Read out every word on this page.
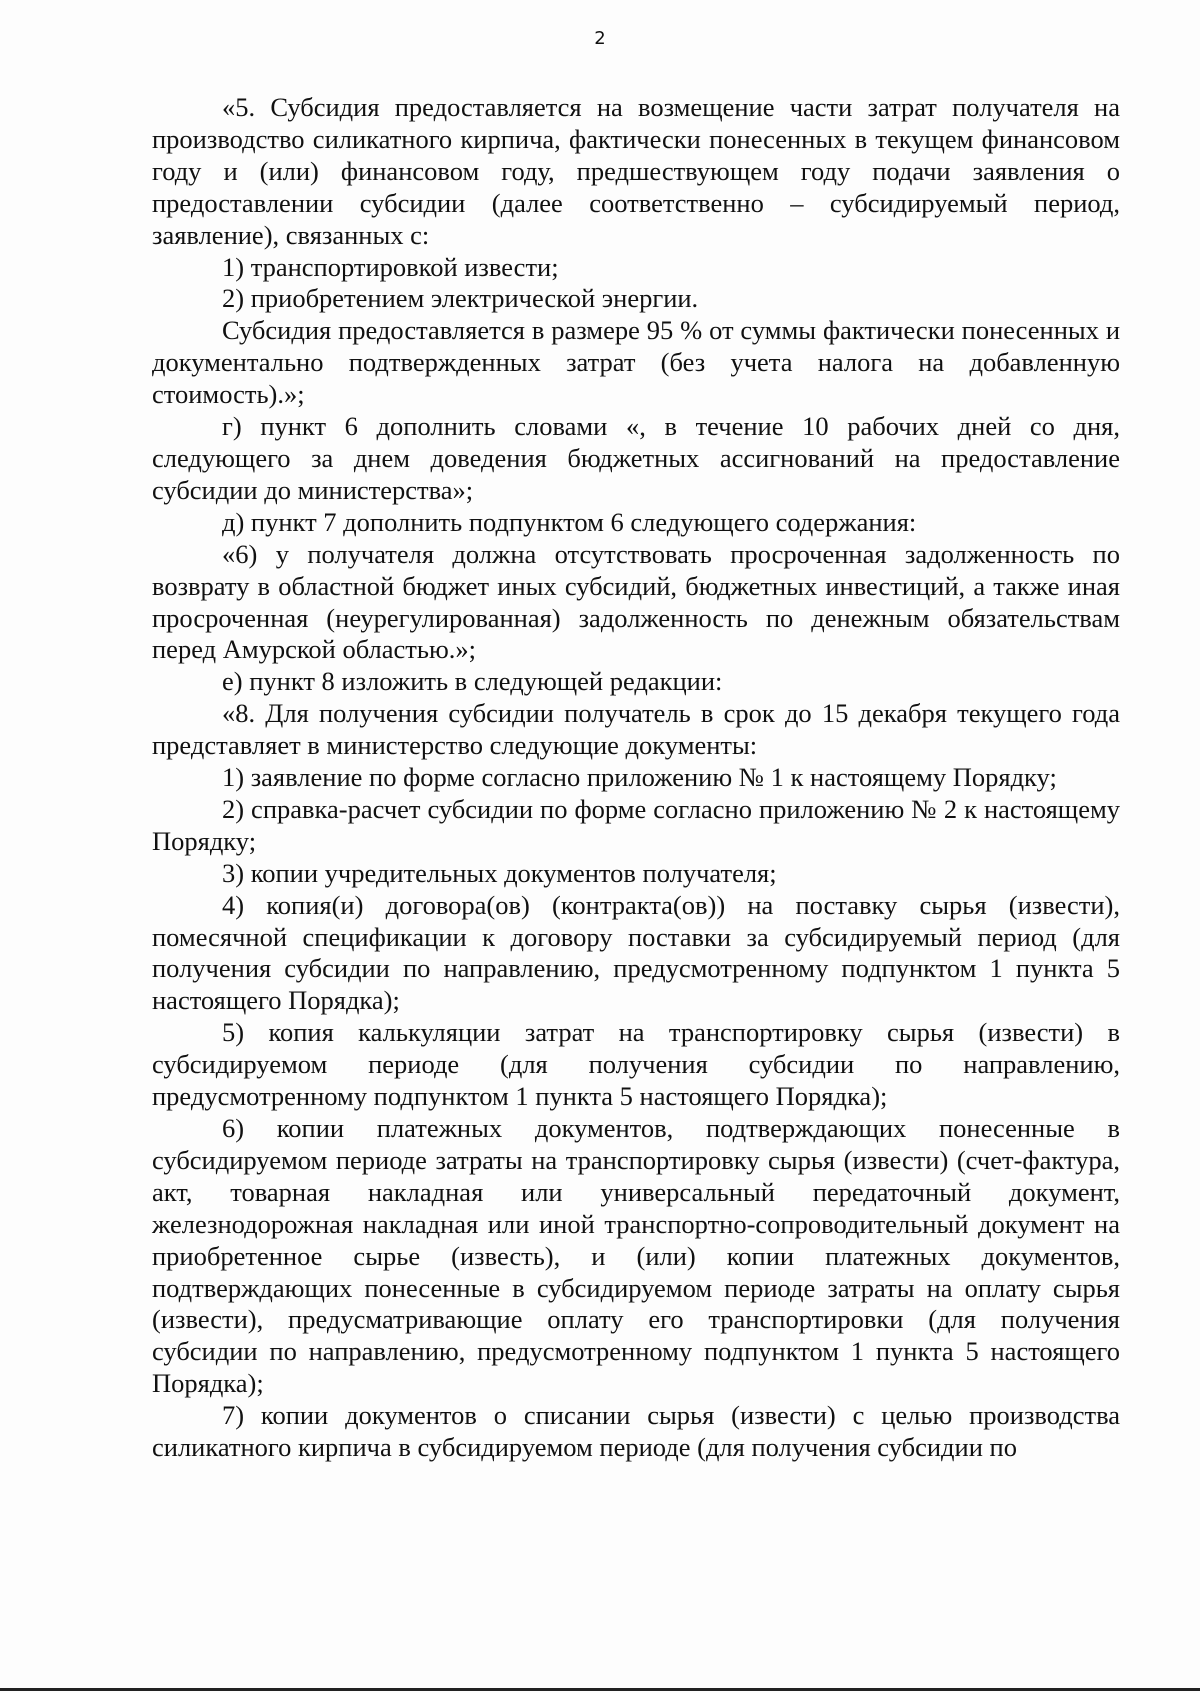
2

«5. Субсидия предоставляется на возмещение части затрат получателя на производство силикатного кирпича, фактически понесенных в текущем финансовом году и (или) финансовом году, предшествующем году подачи заявления о предоставлении субсидии (далее соответственно – субсидируемый период, заявление), связанных с:

1) транспортировкой извести;

2) приобретением электрической энергии.

Субсидия предоставляется в размере 95 % от суммы фактически понесенных и документально подтвержденных затрат (без учета налога на добавленную стоимость).»;

г) пункт 6 дополнить словами «, в течение 10 рабочих дней со дня, следующего за днем доведения бюджетных ассигнований на предоставление субсидии до министерства»;

д) пункт 7 дополнить подпунктом 6 следующего содержания:

«6) у получателя должна отсутствовать просроченная задолженность по возврату в областной бюджет иных субсидий, бюджетных инвестиций, а также иная просроченная (неурегулированная) задолженность по денежным обязательствам перед Амурской областью.»;

е) пункт 8 изложить в следующей редакции:

«8. Для получения субсидии получатель в срок до 15 декабря текущего года представляет в министерство следующие документы:

1) заявление по форме согласно приложению № 1 к настоящему Порядку;

2) справка-расчет субсидии по форме согласно приложению № 2 к настоящему Порядку;

3) копии учредительных документов получателя;

4) копия(и) договора(ов) (контракта(ов)) на поставку сырья (извести), помесячной спецификации к договору поставки за субсидируемый период (для получения субсидии по направлению, предусмотренному подпунктом 1 пункта 5 настоящего Порядка);

5) копия калькуляции затрат на транспортировку сырья (извести) в субсидируемом периоде (для получения субсидии по направлению, предусмотренному подпунктом 1 пункта 5 настоящего Порядка);

6) копии платежных документов, подтверждающих понесенные в субсидируемом периоде затраты на транспортировку сырья (извести) (счет-фактура, акт, товарная накладная или универсальный передаточный документ, железнодорожная накладная или иной транспортно-сопроводительный документ на приобретенное сырье (известь), и (или) копии платежных документов, подтверждающих понесенные в субсидируемом периоде затраты на оплату сырья (извести), предусматривающие оплату его транспортировки (для получения субсидии по направлению, предусмотренному подпунктом 1 пункта 5 настоящего Порядка);

7) копии документов о списании сырья (извести) с целью производства силикатного кирпича в субсидируемом периоде (для получения субсидии по
